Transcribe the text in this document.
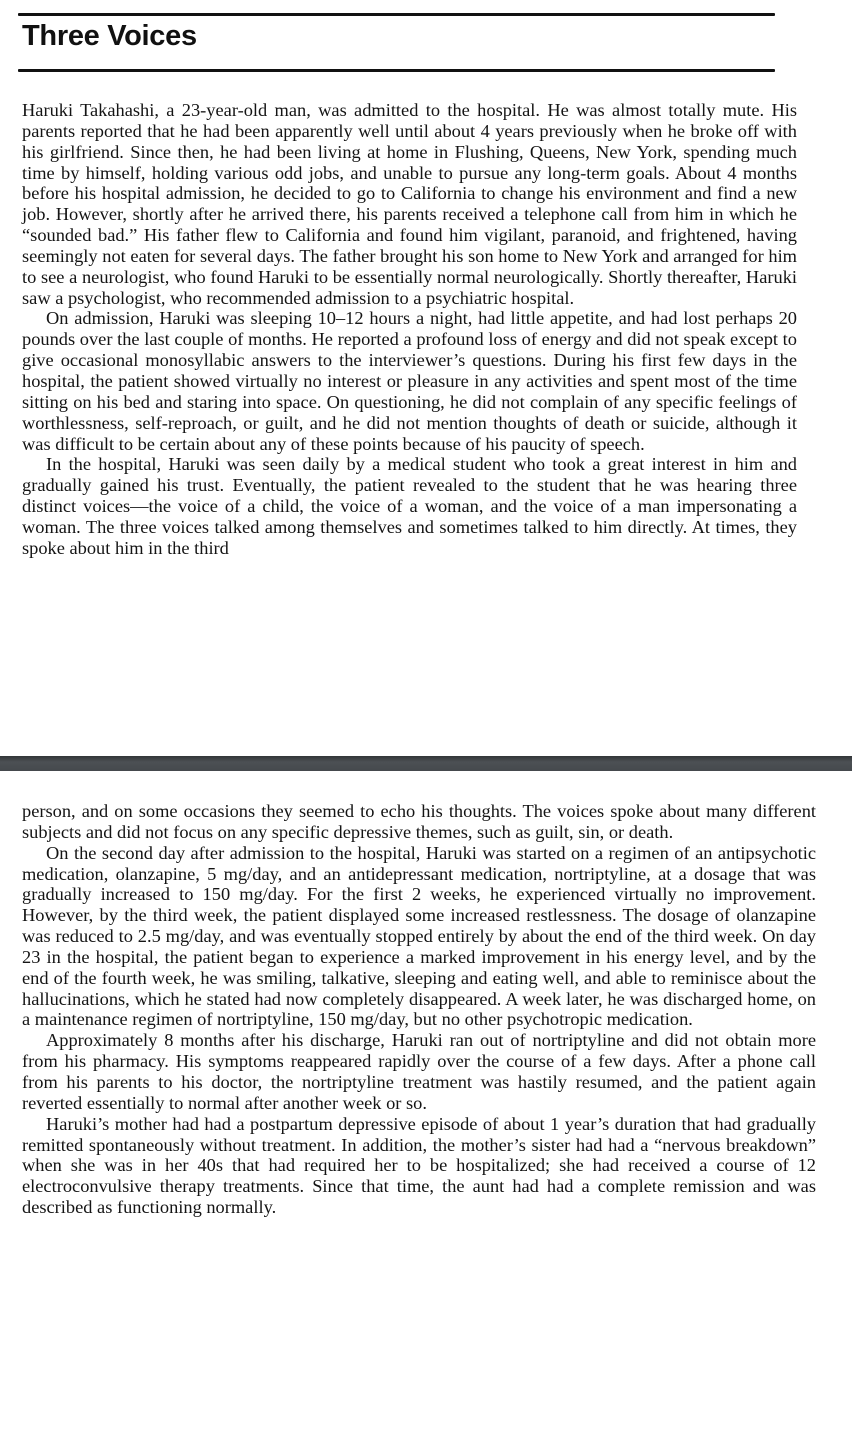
Three Voices

Haruki Takahashi, a 23-year-old man, was admitted to the hospital. He was almost totally mute. His parents reported that he had been apparently well until about 4 years previously when he broke off with his girlfriend. Since then, he had been living at home in Flushing, Queens, New York, spending much time by himself, holding various odd jobs, and unable to pursue any long-term goals. About 4 months before his hospital admission, he decided to go to California to change his environment and find a new job. However, shortly after he arrived there, his parents received a telephone call from him in which he “sounded bad.” His father flew to California and found him vigilant, paranoid, and frightened, having seemingly not eaten for several days. The father brought his son home to New York and arranged for him to see a neurologist, who found Haruki to be essentially normal neurologically. Shortly thereafter, Haruki saw a psychologist, who recommended admission to a psychiatric hospital.

On admission, Haruki was sleeping 10–12 hours a night, had little appetite, and had lost perhaps 20 pounds over the last couple of months. He reported a profound loss of energy and did not speak except to give occasional monosyllabic answers to the interviewer’s questions. During his first few days in the hospital, the patient showed virtually no interest or pleasure in any activities and spent most of the time sitting on his bed and staring into space. On questioning, he did not complain of any specific feelings of worthlessness, self-reproach, or guilt, and he did not mention thoughts of death or suicide, although it was difficult to be certain about any of these points because of his paucity of speech.

In the hospital, Haruki was seen daily by a medical student who took a great interest in him and gradually gained his trust. Eventually, the patient revealed to the student that he was hearing three distinct voices—the voice of a child, the voice of a woman, and the voice of a man impersonating a woman. The three voices talked among themselves and sometimes talked to him directly. At times, they spoke about him in the third

person, and on some occasions they seemed to echo his thoughts. The voices spoke about many different subjects and did not focus on any specific depressive themes, such as guilt, sin, or death.

On the second day after admission to the hospital, Haruki was started on a regimen of an antipsychotic medication, olanzapine, 5 mg/day, and an antidepressant medication, nortriptyline, at a dosage that was gradually increased to 150 mg/day. For the first 2 weeks, he experienced virtually no improvement. However, by the third week, the patient displayed some increased restlessness. The dosage of olanzapine was reduced to 2.5 mg/day, and was eventually stopped entirely by about the end of the third week. On day 23 in the hospital, the patient began to experience a marked improvement in his energy level, and by the end of the fourth week, he was smiling, talkative, sleeping and eating well, and able to reminisce about the hallucinations, which he stated had now completely disappeared. A week later, he was discharged home, on a maintenance regimen of nortriptyline, 150 mg/day, but no other psychotropic medication.

Approximately 8 months after his discharge, Haruki ran out of nortriptyline and did not obtain more from his pharmacy. His symptoms reappeared rapidly over the course of a few days. After a phone call from his parents to his doctor, the nortriptyline treatment was hastily resumed, and the patient again reverted essentially to normal after another week or so.

Haruki’s mother had had a postpartum depressive episode of about 1 year’s duration that had gradually remitted spontaneously without treatment. In addition, the mother’s sister had had a “nervous breakdown” when she was in her 40s that had required her to be hospitalized; she had received a course of 12 electroconvulsive therapy treatments. Since that time, the aunt had had a complete remission and was described as functioning normally.
